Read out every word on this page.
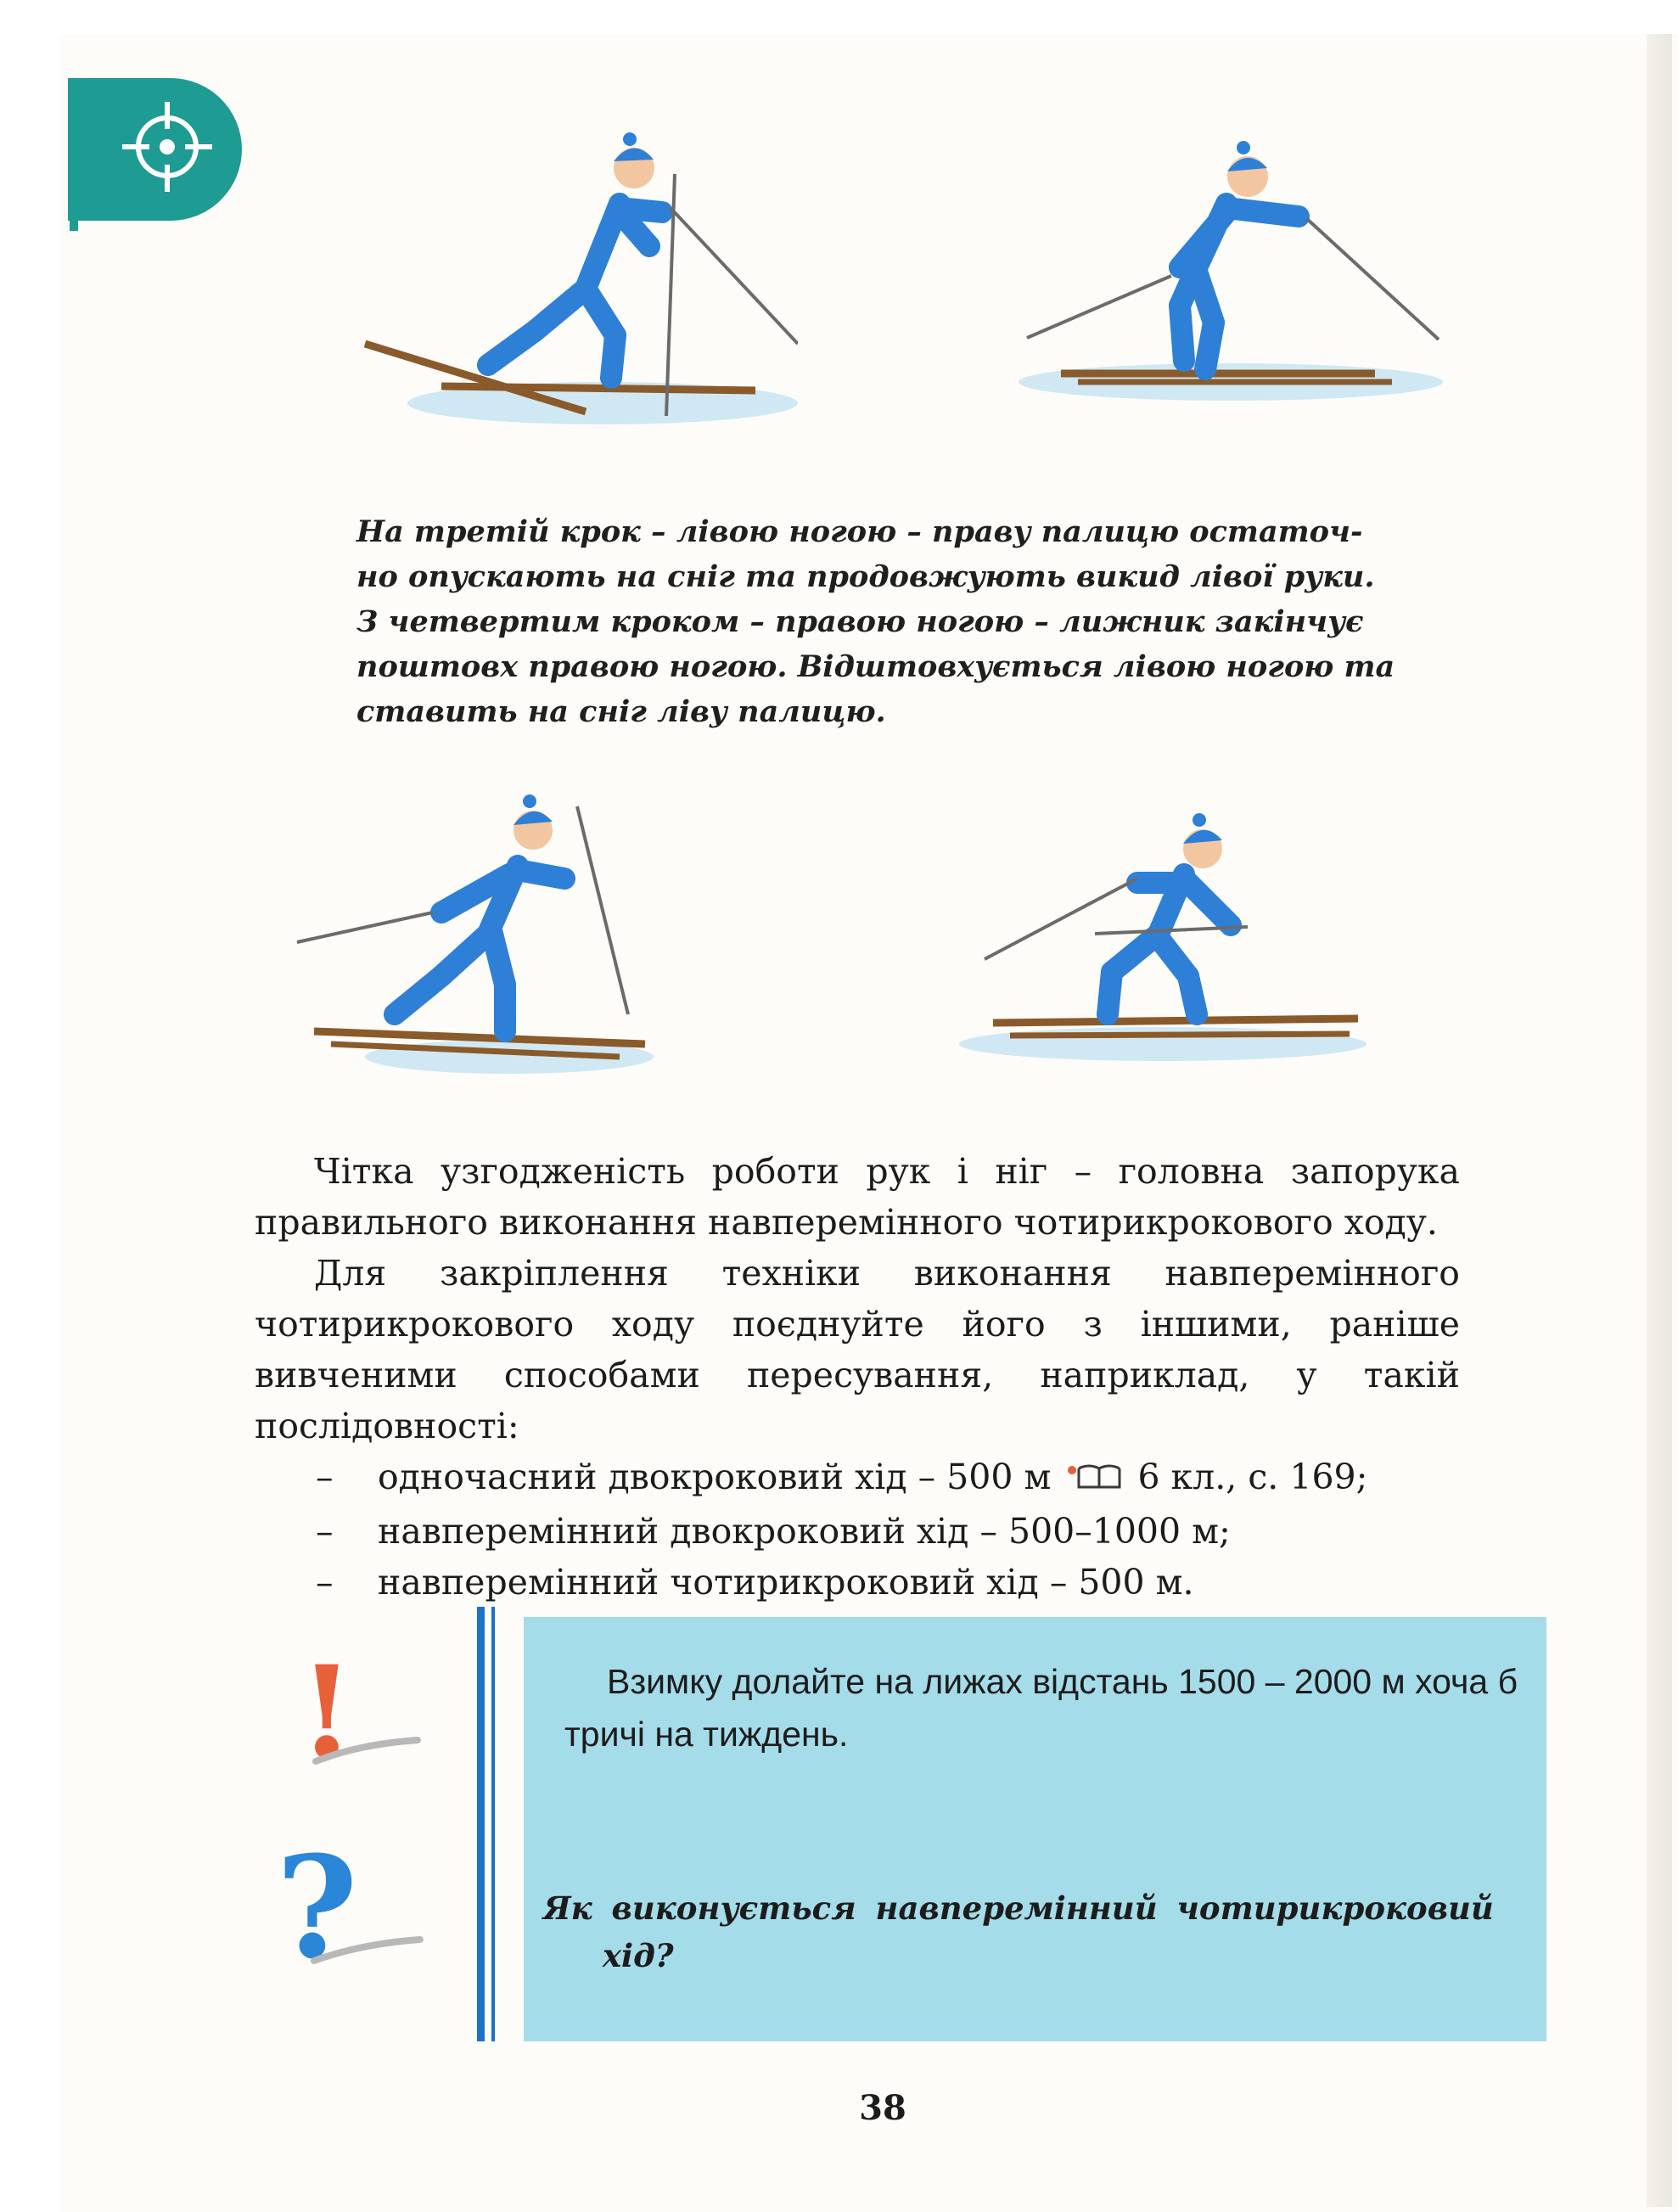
На третій крок – лівою ногою – праву палицю остаточ-
но опускають на сніг та продовжують викид лівої руки.
З четвертим кроком – правою ногою – лижник закінчує
поштовх правою ногою. Відштовхується лівою ногою та
ставить на сніг ліву палицю.

Чітка узгодженість роботи рук і ніг – головна запорука правильного виконання навперемінного чотирикрокового ходу.

Для закріплення техніки виконання навперемінного чотирикрокового ходу поєднуйте його з іншими, раніше вивченими способами пересування, наприклад, у такій послідовності:

– одночасний двокроковий хід – 500 м 6 кл., с. 169;
– навперемінний двокроковий хід – 500–1000 м;
– навперемінний чотирикроковий хід – 500 м.
!
?

Взимку долайте на лижах відстань 1500 – 2000 м хоча б тричі на тиждень.

Як виконується навперемінний чотирикроковий
хід?

38
